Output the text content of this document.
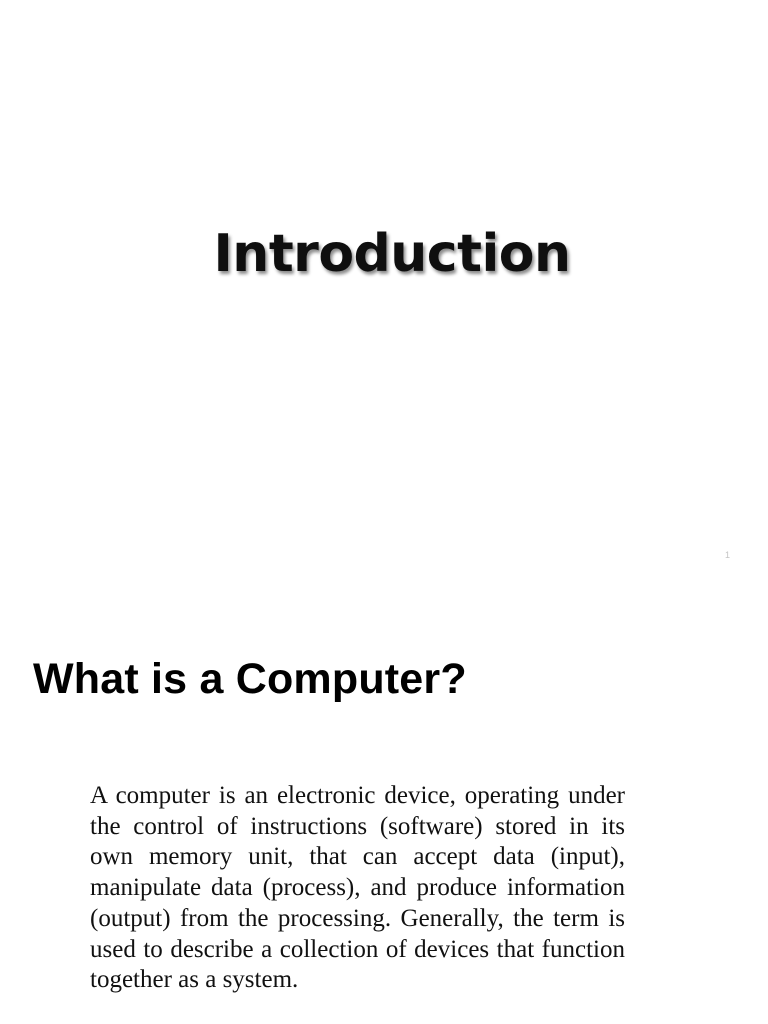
Introduction
1
What is a Computer?

A computer is an electronic device, operating under the control of instructions (software) stored in its own memory unit, that can accept data (input), manipulate data (process), and produce information (output) from the processing. Generally, the term is used to describe a collection of devices that function together as a system.
